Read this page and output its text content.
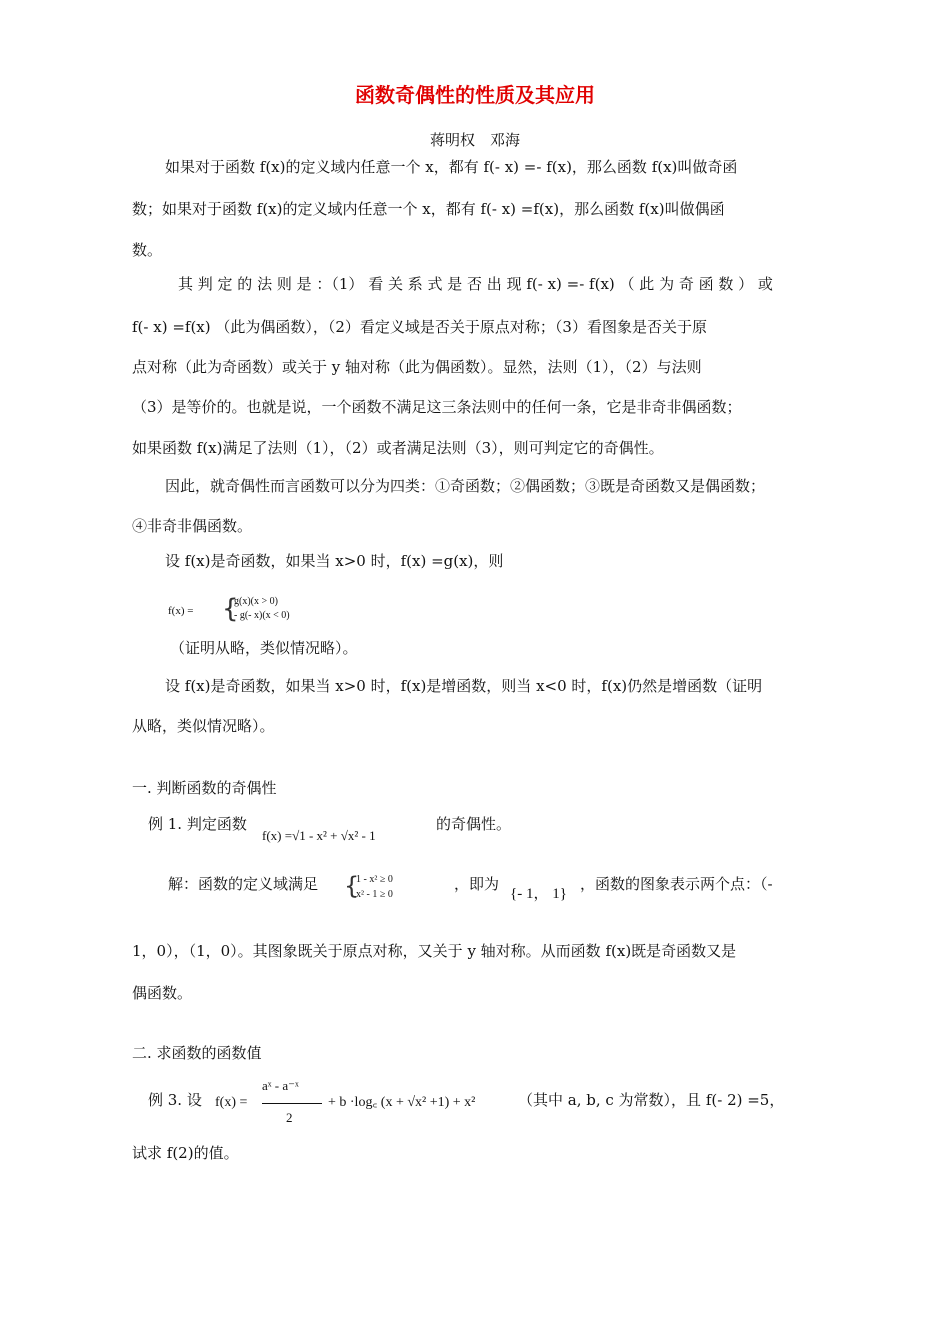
函数奇偶性的性质及其应用
蒋明权　邓海
如果对于函数 f(x)的定义域内任意一个 x，都有 f(- x) =- f(x)，那么函数 f(x)叫做奇函
数；如果对于函数 f(x)的定义域内任意一个 x，都有 f(- x) =f(x)，那么函数 f(x)叫做偶函
数。
其 判 定 的 法 则 是 ：（1） 看 关 系 式 是 否 出 现 f(- x) =- f(x) （ 此 为 奇 函 数 ） 或
f(- x) =f(x) （此为偶函数），（2）看定义域是否关于原点对称；（3）看图象是否关于原
点对称（此为奇函数）或关于 y 轴对称（此为偶函数）。显然，法则（1），（2）与法则
（3）是等价的。也就是说，一个函数不满足这三条法则中的任何一条，它是非奇非偶函数；
如果函数 f(x)满足了法则（1），（2）或者满足法则（3），则可判定它的奇偶性。
因此，就奇偶性而言函数可以分为四类：①奇函数；②偶函数；③既是奇函数又是偶函数；
④非奇非偶函数。
设 f(x)是奇函数，如果当 x>0 时，f(x) =g(x)，则
f(x) = {
g(x)(x > 0)
- g(- x)(x < 0)
（证明从略，类似情况略）。
设 f(x)是奇函数，如果当 x>0 时，f(x)是增函数，则当 x<0 时，f(x)仍然是增函数（证明
从略，类似情况略）。
一. 判断函数的奇偶性
例 1. 判定函数
f(x) =√1 - x² + √x² - 1
的奇偶性。
解：函数的定义域满足 {
1 - x² ≥ 0
x² - 1 ≥ 0
，即为
{- 1， 1}
，函数的图象表示两个点：（-
1，0），（1，0）。其图象既关于原点对称，又关于 y 轴对称。从而函数 f(x)既是奇函数又是
偶函数。
二. 求函数的函数值
例 3. 设 f(x) =
aˣ - a⁻ˣ
2
+ b ·log꜀ (x + √x² +1) + x²	（其中 a, b, c 为常数），且 f(- 2) =5，
试求 f(2)的值。
